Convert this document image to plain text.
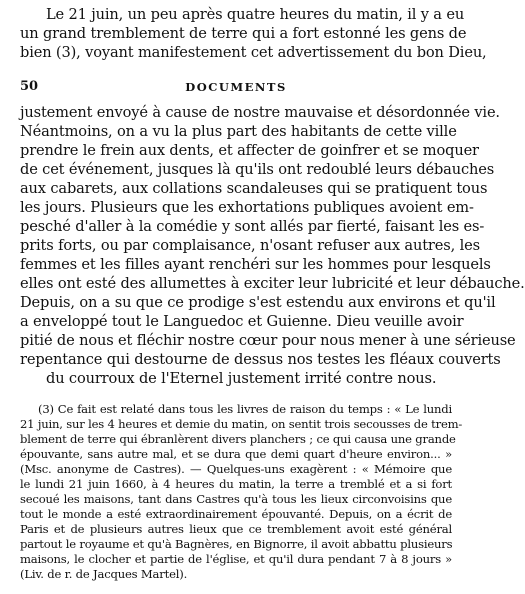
Le 21 juin, un peu après quatre heures du matin, il y a eu
un grand tremblement de terre qui a fort estonné les gens de
bien (3), voyant manifestement cet advertissement du bon Dieu,
50	DOCUMENTS
justement envoyé à cause de nostre mauvaise et désordonnée vie.
Néantmoins, on a vu la plus part des habitants de cette ville
prendre le frein aux dents, et affecter de goinfrer et se moquer
de cet événement, jusques là qu'ils ont redoublé leurs débauches
aux cabarets, aux collations scandaleuses qui se pratiquent tous
les jours. Plusieurs que les exhortations publiques avoient em-
pesché d'aller à la comédie y sont allés par fierté, faisant les es-
prits forts, ou par complaisance, n'osant refuser aux autres, les
femmes et les filles ayant renchéri sur les hommes pour lesquels
elles ont esté des allumettes à exciter leur lubricité et leur débauche.
Depuis, on a su que ce prodige s'est estendu aux environs et qu'il
a enveloppé tout le Languedoc et Guienne. Dieu veuille avoir
pitié de nous et fléchir nostre cœur pour nous mener à une sérieuse
repentance qui destourne de dessus nos testes les fléaux couverts
du courroux de l'Eternel justement irrité contre nous.
(3) Ce fait est relaté dans tous les livres de raison du temps : « Le lundi
21 juin, sur les 4 heures et demie du matin, on sentit trois secousses de trem-
blement de terre qui ébranlèrent divers planchers ; ce qui causa une grande
épouvante, sans autre mal, et se dura que demi quart d'heure environ... »
(Msc. anonyme de Castres). — Quelques-uns exagèrent : « Mémoire que
le lundi 21 juin 1660, à 4 heures du matin, la terre a tremblé et a si fort
secoué les maisons, tant dans Castres qu'à tous les lieux circonvoisins que
tout le monde a esté extraordinairement épouvanté. Depuis, on a écrit de
Paris et de plusieurs autres lieux que ce tremblement avoit esté général
partout le royaume et qu'à Bagnères, en Bignorre, il avoit abbattu plusieurs
maisons, le clocher et partie de l'église, et qu'il dura pendant 7 à 8 jours »
(Liv. de r. de Jacques Martel).
